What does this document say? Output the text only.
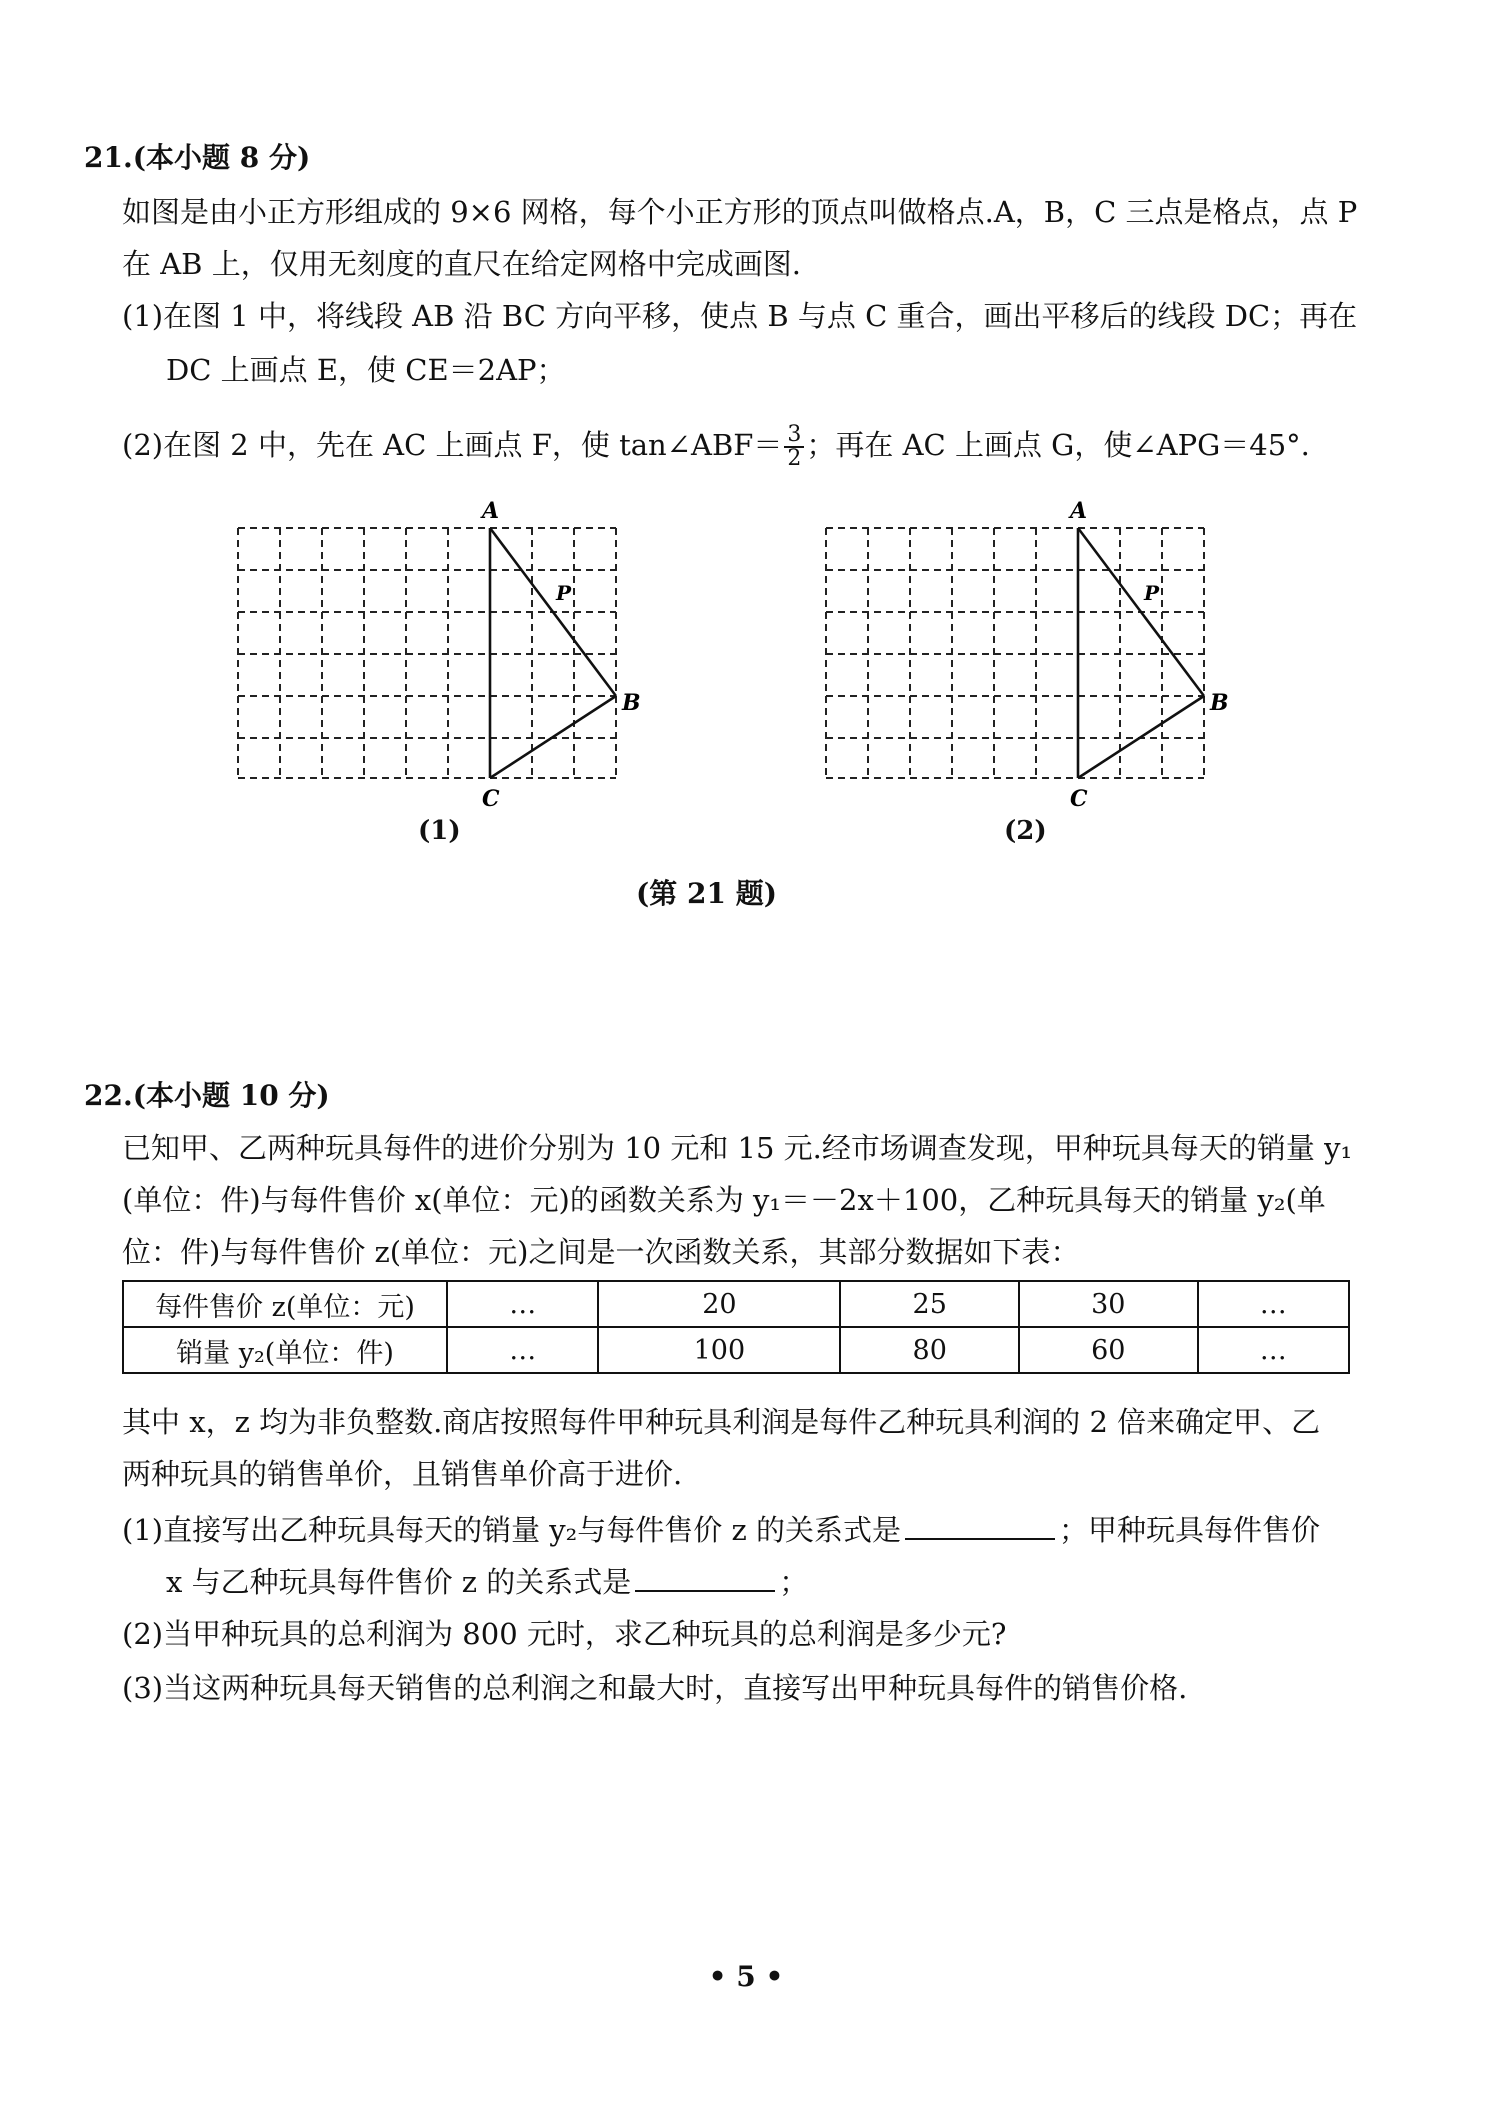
21.(本小题 8 分)
如图是由小正方形组成的 9×6 网格，每个小正方形的顶点叫做格点.A，B，C 三点是格点，点 P
在 AB 上，仅用无刻度的直尺在给定网格中完成画图.
(1)在图 1 中，将线段 AB 沿 BC 方向平移，使点 B 与点 C 重合，画出平移后的线段 DC；再在
DC 上画点 E，使 CE＝2AP；
(2)在图 2 中，先在 AC 上画点 F，使 tan∠ABF＝ $\frac{3}{2}$ ；再在 AC 上画点 G，使∠APG＝45°.
A
B
C
P
(1)
A
B
C
P
(2)
(第 21 题)
22.(本小题 10 分)
已知甲、乙两种玩具每件的进价分别为 10 元和 15 元.经市场调查发现，甲种玩具每天的销量 y₁
(单位：件)与每件售价 x(单位：元)的函数关系为 y₁＝－2x＋100，乙种玩具每天的销量 y₂(单
位：件)与每件售价 z(单位：元)之间是一次函数关系，其部分数据如下表：
每件售价 z(单位：元)	…	20	25	30	…
销量 y₂(单位：件)	…	100	80	60	…
其中 x，z 均为非负整数.商店按照每件甲种玩具利润是每件乙种玩具利润的 2 倍来确定甲、乙
两种玩具的销售单价，且销售单价高于进价.
(1)直接写出乙种玩具每天的销量 y₂与每件售价 z 的关系式是	；甲种玩具每件售价
x 与乙种玩具每件售价 z 的关系式是	；
(2)当甲种玩具的总利润为 800 元时，求乙种玩具的总利润是多少元?
(3)当这两种玩具每天销售的总利润之和最大时，直接写出甲种玩具每件的销售价格.
• 5 •
